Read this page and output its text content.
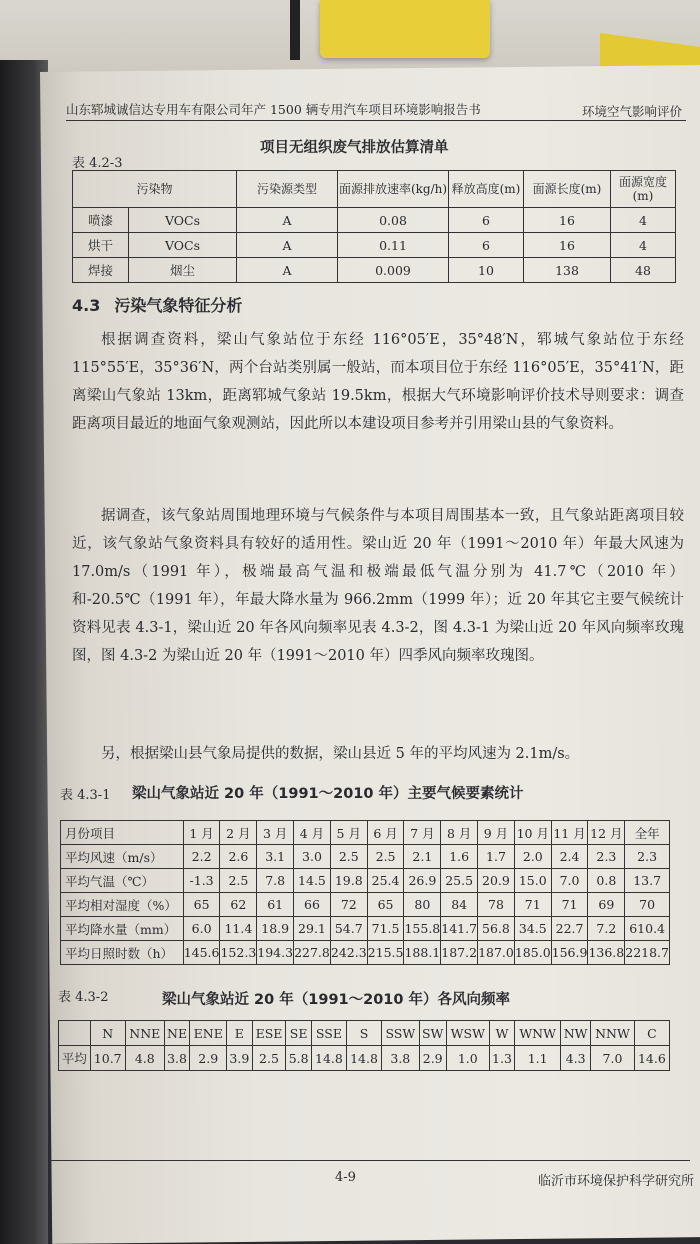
山东郓城诚信达专用车有限公司年产 1500 辆专用汽车项目环境影响报告书	环境空气影响评价
表 4.2-3
项目无组织废气排放估算清单
污染物		污染源类型	面源排放速率(kg/h)	释放高度(m)	面源长度(m)	面源宽度(m)
喷漆	VOCs	A	0.08	6	16	4
烘干	VOCs	A	0.11	6	16	4
焊接	烟尘	A	0.009	10	138	48
4.3 污染气象特征分析

根据调查资料，梁山气象站位于东经 116°05′E，35°48′N，郓城气象站位于东经 115°55′E，35°36′N，两个台站类别属一般站，而本项目位于东经 116°05′E，35°41′N，距离梁山气象站 13km，距离郓城气象站 19.5km，根据大气环境影响评价技术导则要求：调查距离项目最近的地面气象观测站，因此所以本建设项目参考并引用梁山县的气象资料。

据调查，该气象站周围地理环境与气候条件与本项目周围基本一致，且气象站距离项目较近，该气象站气象资料具有较好的适用性。梁山近 20 年（1991～2010 年）年最大风速为 17.0m/s（1991 年），极端最高气温和极端最低气温分别为 41.7℃（2010 年）和-20.5℃（1991 年），年最大降水量为 966.2mm（1999 年）；近 20 年其它主要气候统计资料见表 4.3-1，梁山近 20 年各风向频率见表 4.3-2，图 4.3-1 为梁山近 20 年风向频率玫瑰图，图 4.3-2 为梁山近 20 年（1991～2010 年）四季风向频率玫瑰图。

另，根据梁山县气象局提供的数据，梁山县近 5 年的平均风速为 2.1m/s。

表 4.3-1 梁山气象站近 20 年（1991～2010 年）主要气候要素统计
月份项目	1 月	2 月	3 月	4 月	5 月	6 月	7 月	8 月	9 月	10 月	11 月	12 月	全年
平均风速（m/s）	2.2	2.6	3.1	3.0	2.5	2.5	2.1	1.6	1.7	2.0	2.4	2.3	2.3
平均气温（℃）	-1.3	2.5	7.8	14.5	19.8	25.4	26.9	25.5	20.9	15.0	7.0	0.8	13.7
平均相对湿度（%）	65	62	61	66	72	65	80	84	78	71	71	69	70
平均降水量（mm）	6.0	11.4	18.9	29.1	54.7	71.5	155.8	141.7	56.8	34.5	22.7	7.2	610.4
平均日照时数（h）	145.6	152.3	194.3	227.8	242.3	215.5	188.1	187.2	187.0	185.0	156.9	136.8	2218.7
表 4.3-2	梁山气象站近 20 年（1991～2010 年）各风向频率
	N	NNE	NE	ENE	E	ESE	SE	SSE	S	SSW	SW	WSW	W	WNW	NW	NNW	C
平均	10.7	4.8	3.8	2.9	3.9	2.5	5.8	14.8	14.8	3.8	2.9	1.0	1.3	1.1	4.3	7.0	14.6
4-9	临沂市环境保护科学研究所
